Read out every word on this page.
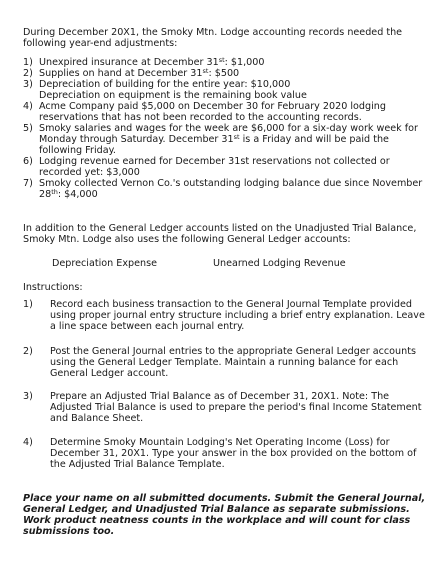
During December 20X1, the Smoky Mtn. Lodge accounting records needed the following year-end adjustments:
1) Unexpired insurance at December 31st: $1,000
2) Supplies on hand at December 31st: $500
3) Depreciation of building for the entire year: $10,000
Depreciation on equipment is the remaining book value
4) Acme Company paid $5,000 on December 30 for February 2020 lodging reservations that has not been recorded to the accounting records.
5) Smoky salaries and wages for the week are $6,000 for a six-day work week for Monday through Saturday. December 31st is a Friday and will be paid the following Friday.
6) Lodging revenue earned for December 31st reservations not collected or recorded yet: $3,000
7) Smoky collected Vernon Co.'s outstanding lodging balance due since November 28th: $4,000
In addition to the General Ledger accounts listed on the Unadjusted Trial Balance, Smoky Mtn. Lodge also uses the following General Ledger accounts:
Depreciation Expense	Unearned Lodging Revenue
Instructions:
1) Record each business transaction to the General Journal Template provided using proper journal entry structure including a brief entry explanation. Leave a line space between each journal entry.
2) Post the General Journal entries to the appropriate General Ledger accounts using the General Ledger Template. Maintain a running balance for each General Ledger account.
3) Prepare an Adjusted Trial Balance as of December 31, 20X1. Note: The Adjusted Trial Balance is used to prepare the period's final Income Statement and Balance Sheet.
4) Determine Smoky Mountain Lodging's Net Operating Income (Loss) for December 31, 20X1. Type your answer in the box provided on the bottom of the Adjusted Trial Balance Template.
Place your name on all submitted documents. Submit the General Journal, General Ledger, and Unadjusted Trial Balance as separate submissions. Work product neatness counts in the workplace and will count for class submissions too.
